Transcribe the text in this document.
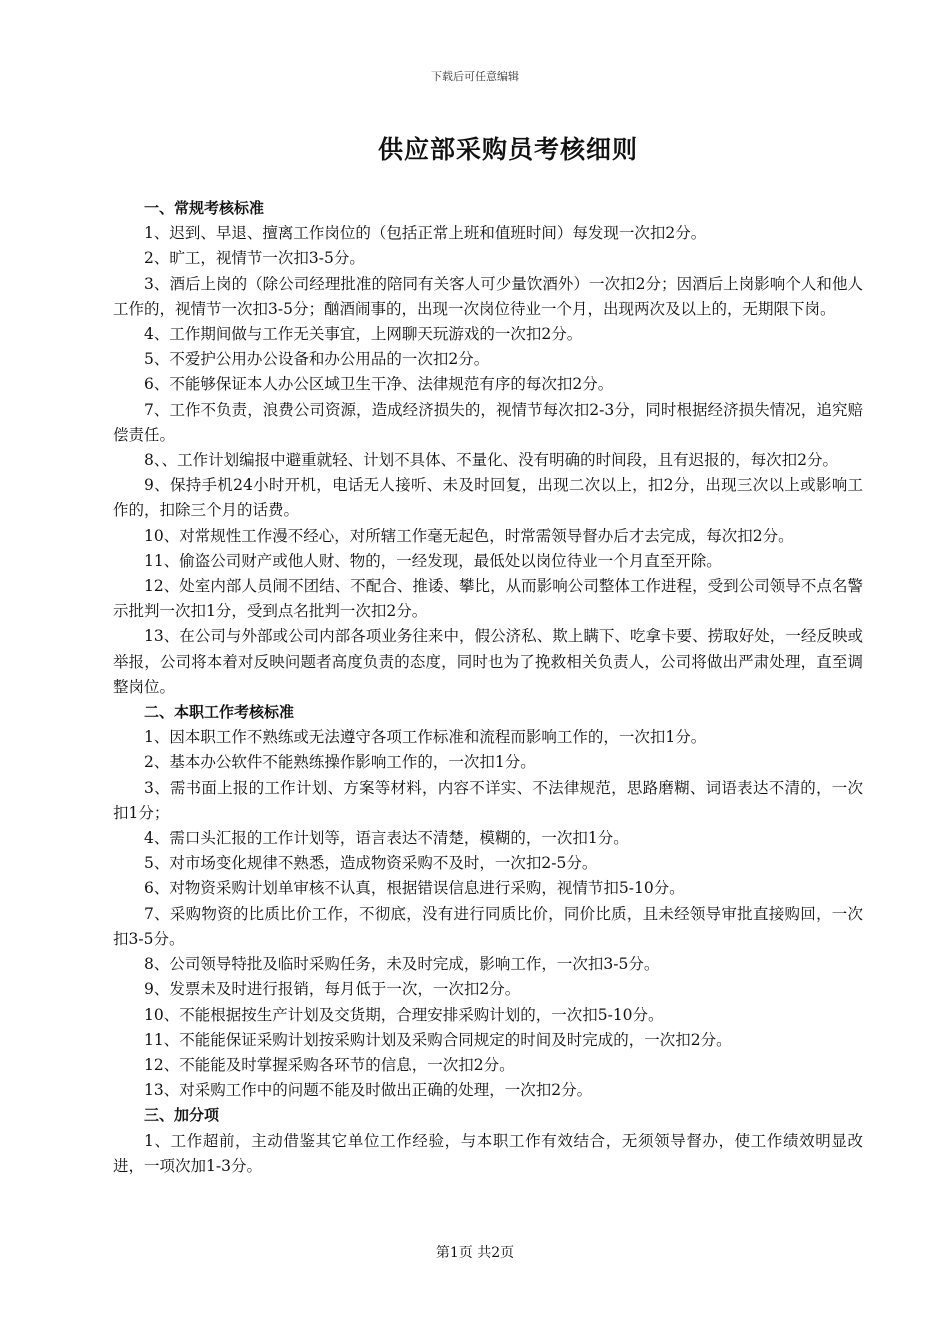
下载后可任意编辑
供应部采购员考核细则

一、常规考核标准

1、迟到、早退、擅离工作岗位的（包括正常上班和值班时间）每发现一次扣2分。

2、旷工，视情节一次扣3-5分。

3、酒后上岗的（除公司经理批准的陪同有关客人可少量饮酒外）一次扣2分；因酒后上岗影响个人和他人工作的，视情节一次扣3-5分；酗酒闹事的，出现一次岗位待业一个月，出现两次及以上的，无期限下岗。

4、工作期间做与工作无关事宜，上网聊天玩游戏的一次扣2分。

5、不爱护公用办公设备和办公用品的一次扣2分。

6、不能够保证本人办公区域卫生干净、法律规范有序的每次扣2分。

7、工作不负责，浪费公司资源，造成经济损失的，视情节每次扣2-3分，同时根据经济损失情况，追究赔偿责任。

8、、工作计划编报中避重就轻、计划不具体、不量化、没有明确的时间段，且有迟报的，每次扣2分。

9、保持手机24小时开机，电话无人接听、未及时回复，出现二次以上，扣2分，出现三次以上或影响工作的，扣除三个月的话费。

10、对常规性工作漫不经心，对所辖工作毫无起色，时常需领导督办后才去完成，每次扣2分。

11、偷盗公司财产或他人财、物的，一经发现，最低处以岗位待业一个月直至开除。

12、处室内部人员闹不团结、不配合、推诿、攀比，从而影响公司整体工作进程，受到公司领导不点名警示批判一次扣1分，受到点名批判一次扣2分。

13、在公司与外部或公司内部各项业务往来中，假公济私、欺上瞒下、吃拿卡要、捞取好处，一经反映或举报，公司将本着对反映问题者高度负责的态度，同时也为了挽救相关负责人，公司将做出严肃处理，直至调整岗位。

二、本职工作考核标准

1、因本职工作不熟练或无法遵守各项工作标准和流程而影响工作的，一次扣1分。

2、基本办公软件不能熟练操作影响工作的，一次扣1分。

3、需书面上报的工作计划、方案等材料，内容不详实、不法律规范，思路磨糊、词语表达不清的，一次扣1分；

4、需口头汇报的工作计划等，语言表达不清楚，模糊的，一次扣1分。

5、对市场变化规律不熟悉，造成物资采购不及时，一次扣2-5分。

6、对物资采购计划单审核不认真，根据错误信息进行采购，视情节扣5-10分。

7、采购物资的比质比价工作，不彻底，没有进行同质比价，同价比质，且未经领导审批直接购回，一次扣3-5分。

8、公司领导特批及临时采购任务，未及时完成，影响工作，一次扣3-5分。

9、发票未及时进行报销，每月低于一次，一次扣2分。

10、不能根据按生产计划及交货期，合理安排采购计划的，一次扣5-10分。

11、不能能保证采购计划按采购计划及采购合同规定的时间及时完成的，一次扣2分。

12、不能能及时掌握采购各环节的信息，一次扣2分。

13、对采购工作中的问题不能及时做出正确的处理，一次扣2分。

三、加分项

1、工作超前，主动借鉴其它单位工作经验，与本职工作有效结合，无须领导督办，使工作绩效明显改进，一项次加1-3分。

第1页 共2页
